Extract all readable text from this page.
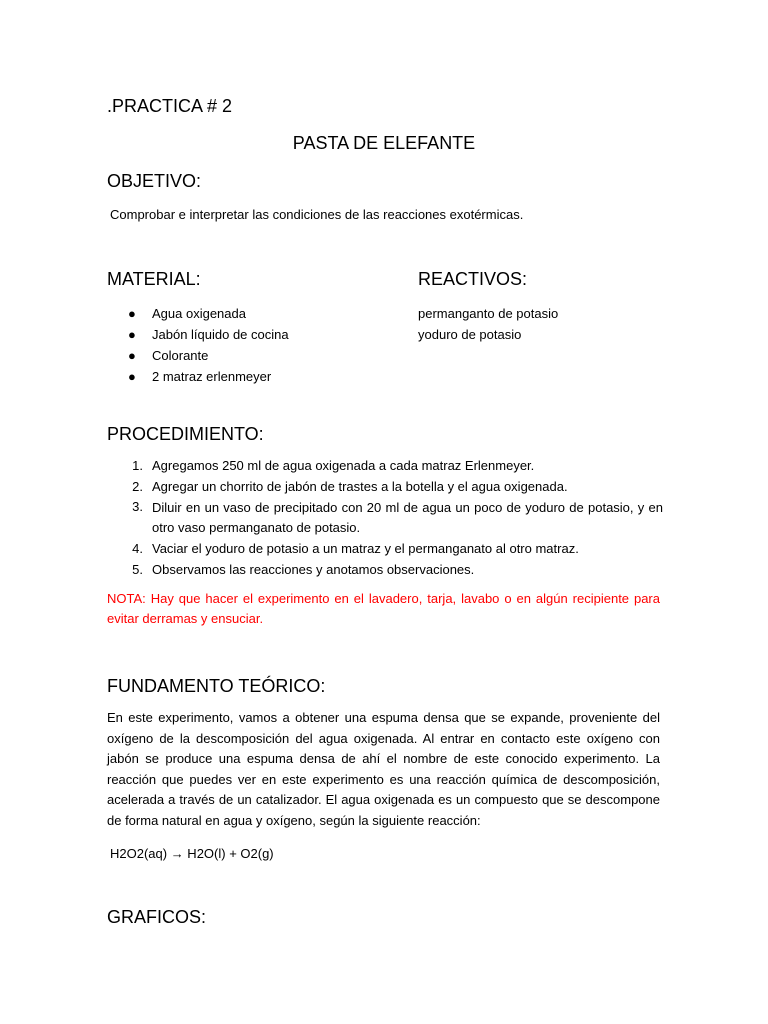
.PRACTICA # 2
PASTA DE ELEFANTE
OBJETIVO:
Comprobar e interpretar las condiciones de las reacciones exotérmicas.
MATERIAL:
● Agua oxigenada
● Jabón líquido de cocina
● Colorante
● 2 matraz erlenmeyer
REACTIVOS:
permanganto de potasio
yoduro de potasio
PROCEDIMIENTO:
1. Agregamos 250 ml de agua oxigenada a cada matraz Erlenmeyer.
2. Agregar un chorrito de jabón de trastes a la botella y el agua oxigenada.
3. Diluir en un vaso de precipitado con 20 ml de agua un poco de yoduro de potasio, y en otro vaso permanganato de potasio.
4. Vaciar el yoduro de potasio a un matraz y el permanganato al otro matraz.
5. Observamos las reacciones y anotamos observaciones.
NOTA: Hay que hacer el experimento en el lavadero, tarja, lavabo o en algún recipiente para evitar derramas y ensuciar.
FUNDAMENTO TEÓRICO:
En este experimento, vamos a obtener una espuma densa que se expande, proveniente del oxígeno de la descomposición del agua oxigenada. Al entrar en contacto este oxígeno con jabón se produce una espuma densa de ahí el nombre de este conocido experimento. La reacción que puedes ver en este experimento es una reacción química de descomposición, acelerada a través de un catalizador. El agua oxigenada es un compuesto que se descompone de forma natural en agua y oxígeno, según la siguiente reacción:
H2O2(aq) → H2O(l) + O2(g)
GRAFICOS:
